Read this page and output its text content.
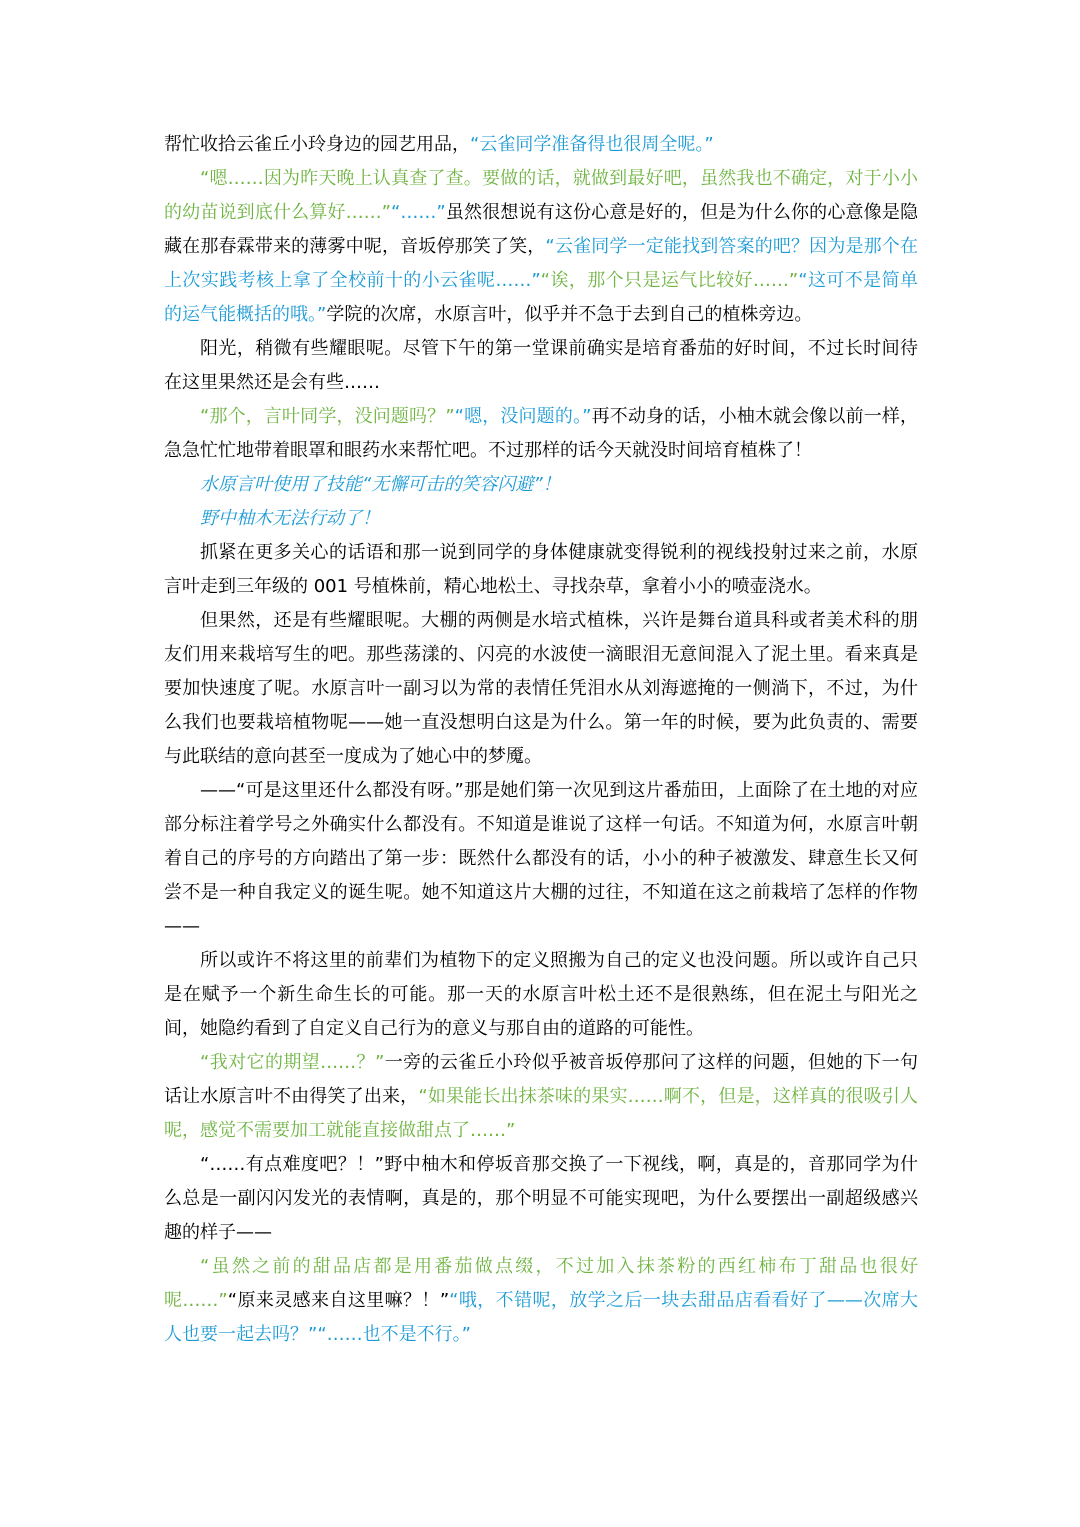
帮忙收拾云雀丘小玲身边的园艺用品，“云雀同学准备得也很周全呢。”

“嗯……因为昨天晚上认真查了查。要做的话，就做到最好吧，虽然我也不确定，对于小小的幼苗说到底什么算好……”“……”虽然很想说有这份心意是好的，但是为什么你的心意像是隐藏在那春霖带来的薄雾中呢，音坂停那笑了笑，“云雀同学一定能找到答案的吧？因为是那个在上次实践考核上拿了全校前十的小云雀呢……”“诶，那个只是运气比较好……”“这可不是简单的运气能概括的哦。”学院的次席，水原言叶，似乎并不急于去到自己的植株旁边。

阳光，稍微有些耀眼呢。尽管下午的第一堂课前确实是培育番茄的好时间，不过长时间待在这里果然还是会有些……

“那个，言叶同学，没问题吗？”“嗯，没问题的。”再不动身的话，小柚木就会像以前一样，急急忙忙地带着眼罩和眼药水来帮忙吧。不过那样的话今天就没时间培育植株了！

水原言叶使用了技能“无懈可击的笑容闪避”！

野中柚木无法行动了！

抓紧在更多关心的话语和那一说到同学的身体健康就变得锐利的视线投射过来之前，水原言叶走到三年级的 001 号植株前，精心地松土、寻找杂草，拿着小小的喷壶浇水。

但果然，还是有些耀眼呢。大棚的两侧是水培式植株，兴许是舞台道具科或者美术科的朋友们用来栽培写生的吧。那些荡漾的、闪亮的水波使一滴眼泪无意间混入了泥土里。看来真是要加快速度了呢。水原言叶一副习以为常的表情任凭泪水从刘海遮掩的一侧淌下，不过，为什么我们也要栽培植物呢——她一直没想明白这是为什么。第一年的时候，要为此负责的、需要与此联结的意向甚至一度成为了她心中的梦魇。

——“可是这里还什么都没有呀。”那是她们第一次见到这片番茄田，上面除了在土地的对应部分标注着学号之外确实什么都没有。不知道是谁说了这样一句话。不知道为何，水原言叶朝着自己的序号的方向踏出了第一步：既然什么都没有的话，小小的种子被激发、肆意生长又何尝不是一种自我定义的诞生呢。她不知道这片大棚的过往，不知道在这之前栽培了怎样的作物——

所以或许不将这里的前辈们为植物下的定义照搬为自己的定义也没问题。所以或许自己只是在赋予一个新生命生长的可能。那一天的水原言叶松土还不是很熟练，但在泥土与阳光之间，她隐约看到了自定义自己行为的意义与那自由的道路的可能性。

“我对它的期望……？”一旁的云雀丘小玲似乎被音坂停那问了这样的问题，但她的下一句话让水原言叶不由得笑了出来，“如果能长出抹茶味的果实……啊不，但是，这样真的很吸引人呢，感觉不需要加工就能直接做甜点了……”

“……有点难度吧？！”野中柚木和停坂音那交换了一下视线，啊，真是的，音那同学为什么总是一副闪闪发光的表情啊，真是的，那个明显不可能实现吧，为什么要摆出一副超级感兴趣的样子——

“虽然之前的甜品店都是用番茄做点缀，不过加入抹茶粉的西红柿布丁甜品也很好呢……”“原来灵感来自这里嘛？！”“哦，不错呢，放学之后一块去甜品店看看好了——次席大人也要一起去吗？”“……也不是不行。”
